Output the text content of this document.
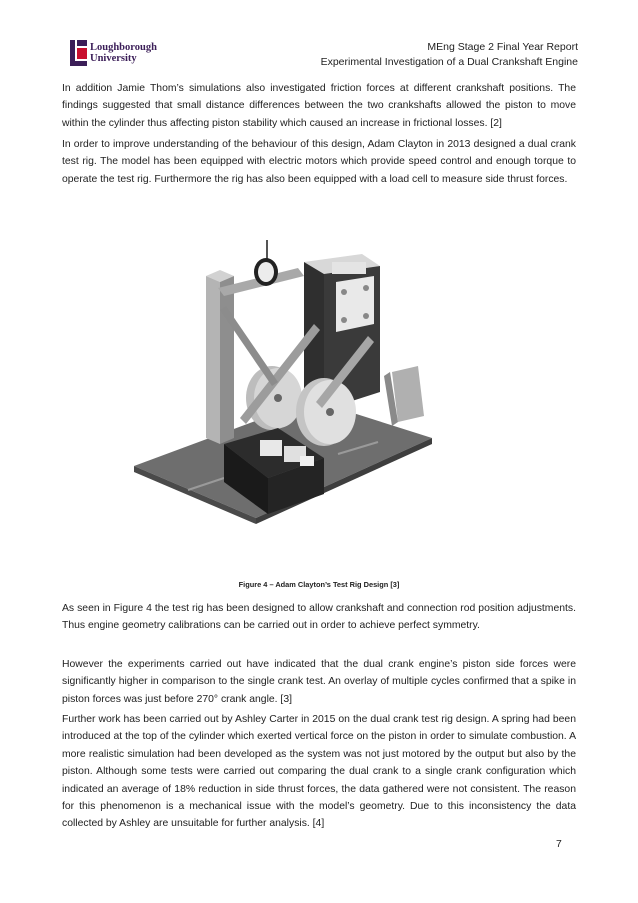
Loughborough
University
MEng Stage 2 Final Year Report
Experimental Investigation of a Dual Crankshaft Engine

In addition Jamie Thom’s simulations also investigated friction forces at different crankshaft positions. The findings suggested that small distance differences between the two crankshafts allowed the piston to move within the cylinder thus affecting piston stability which caused an increase in frictional losses. [2]

In order to improve understanding of the behaviour of this design, Adam Clayton in 2013 designed a dual crank test rig. The model has been equipped with electric motors which provide speed control and enough torque to operate the test rig. Furthermore the rig has also been equipped with a load cell to measure side thrust forces.

Figure 4 – Adam Clayton’s Test Rig Design [3]

As seen in Figure 4 the test rig has been designed to allow crankshaft and connection rod position adjustments. Thus engine geometry calibrations can be carried out in order to achieve perfect symmetry.

However the experiments carried out have indicated that the dual crank engine’s piston side forces were significantly higher in comparison to the single crank test. An overlay of multiple cycles confirmed that a spike in piston forces was just before 270° crank angle. [3]

Further work has been carried out by Ashley Carter in 2015 on the dual crank test rig design. A spring had been introduced at the top of the cylinder which exerted vertical force on the piston in order to simulate combustion. A more realistic simulation had been developed as the system was not just motored by the output but also by the piston. Although some tests were carried out comparing the dual crank to a single crank configuration which indicated an average of 18% reduction in side thrust forces, the data gathered were not consistent. The reason for this phenomenon is a mechanical issue with the model’s geometry. Due to this inconsistency the data collected by Ashley are unsuitable for further analysis. [4]

7
